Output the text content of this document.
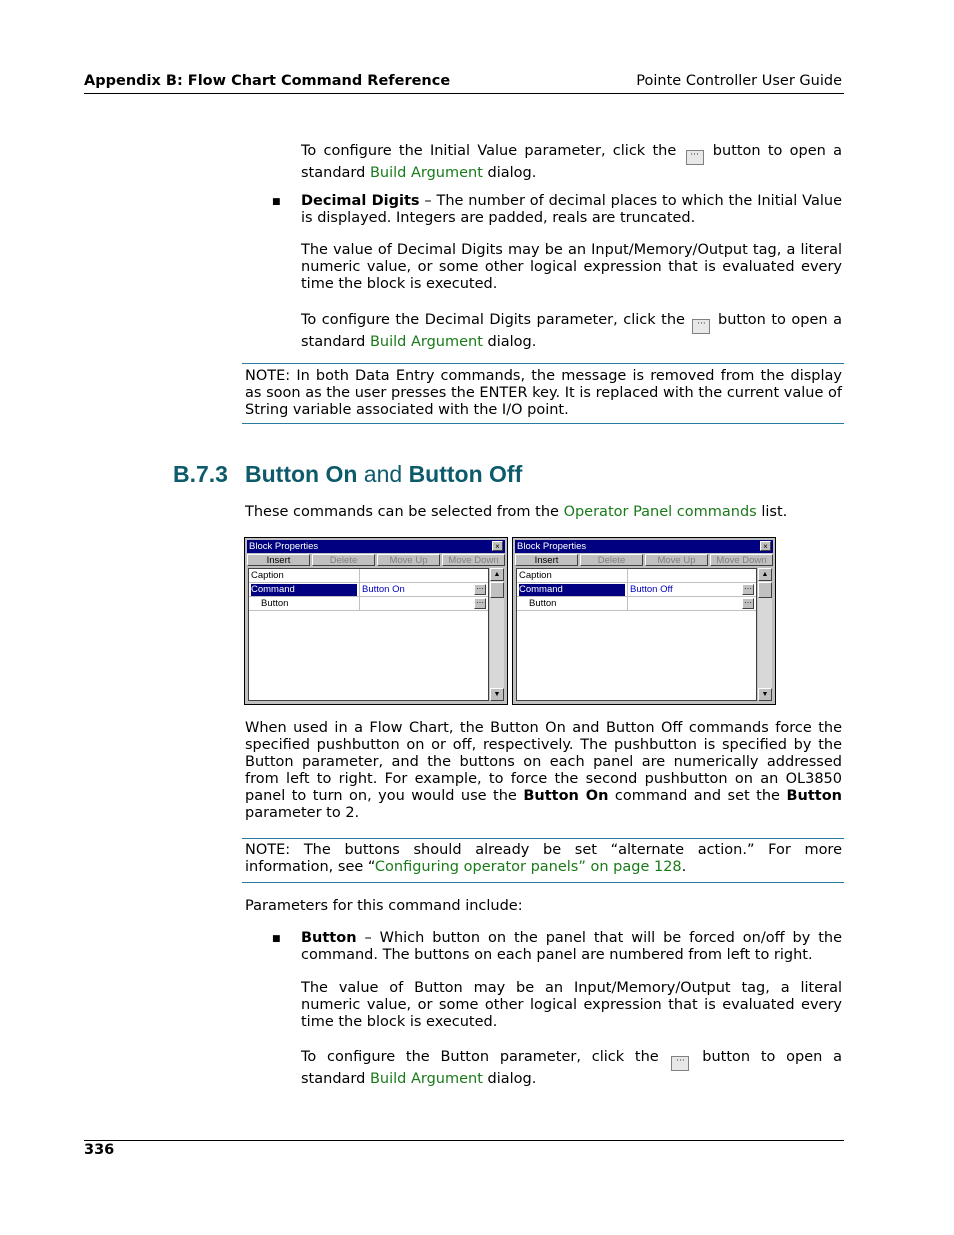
Appendix B: Flow Chart Command Reference	Pointe Controller User Guide
To configure the Initial Value parameter, click the ··· button to open a standard Build Argument dialog.
■ Decimal Digits – The number of decimal places to which the Initial Value is displayed. Integers are padded, reals are truncated.
The value of Decimal Digits may be an Input/Memory/Output tag, a literal numeric value, or some other logical expression that is evaluated every time the block is executed.
To configure the Decimal Digits parameter, click the ··· button to open a standard Build Argument dialog.
NOTE: In both Data Entry commands, the message is removed from the display as soon as the user presses the ENTER key. It is replaced with the current value of String variable associated with the I/O point.
B.7.3 Button On and Button Off
These commands can be selected from the Operator Panel commands list.
Block Properties	×
Insert	Delete	Move Up	Move Down
Caption
Command	Button On	···
Button	···
▲
▼
Block Properties	×
Insert	Delete	Move Up	Move Down
Caption
Command	Button Off	···
Button	···
▲
▼
When used in a Flow Chart, the Button On and Button Off commands force the specified pushbutton on or off, respectively. The pushbutton is specified by the Button parameter, and the buttons on each panel are numerically addressed from left to right. For example, to force the second pushbutton on an OL3850 panel to turn on, you would use the Button On command and set the Button parameter to 2.
NOTE: The buttons should already be set “alternate action.” For more information, see “Configuring operator panels” on page 128.
Parameters for this command include:
■ Button – Which button on the panel that will be forced on/off by the command. The buttons on each panel are numbered from left to right.
The value of Button may be an Input/Memory/Output tag, a literal numeric value, or some other logical expression that is evaluated every time the block is executed.
To configure the Button parameter, click the ··· button to open a standard Build Argument dialog.
336
